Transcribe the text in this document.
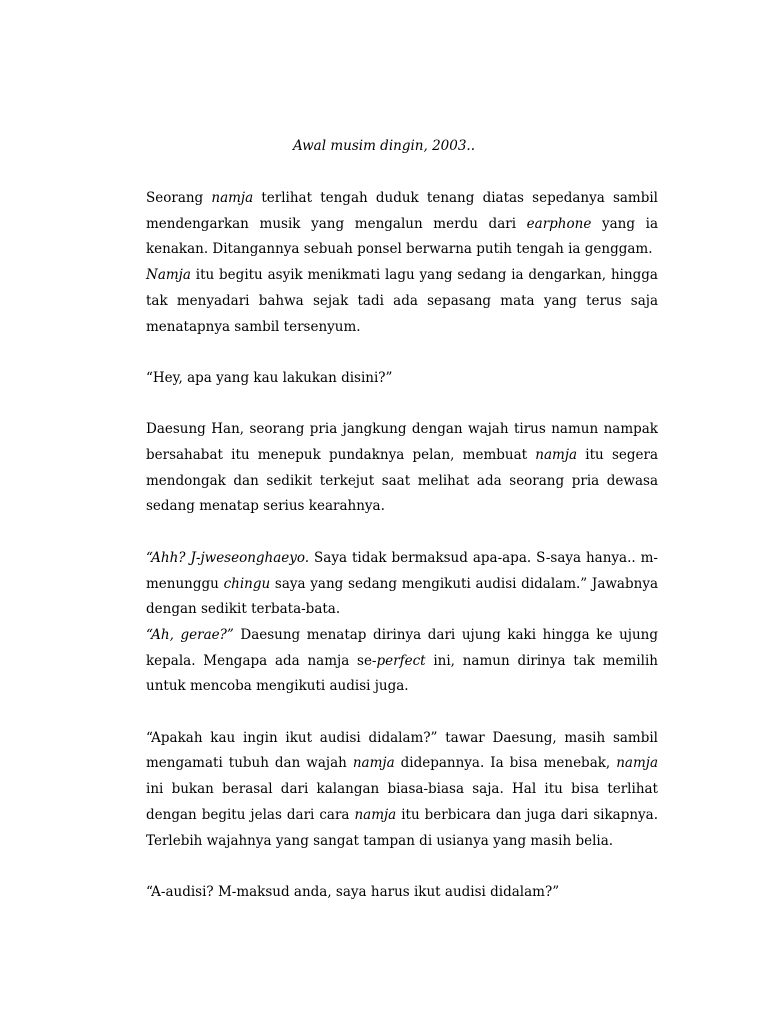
Awal musim dingin, 2003..

Seorang namja terlihat tengah duduk tenang diatas sepedanya sambil mendengarkan musik yang mengalun merdu dari earphone yang ia kenakan. Ditangannya sebuah ponsel berwarna putih tengah ia genggam.

Namja itu begitu asyik menikmati lagu yang sedang ia dengarkan, hingga tak menyadari bahwa sejak tadi ada sepasang mata yang terus saja menatapnya sambil tersenyum.

“Hey, apa yang kau lakukan disini?”

Daesung Han, seorang pria jangkung dengan wajah tirus namun nampak bersahabat itu menepuk pundaknya pelan, membuat namja itu segera mendongak dan sedikit terkejut saat melihat ada seorang pria dewasa sedang menatap serius kearahnya.

“Ahh? J-jweseonghaeyo. Saya tidak bermaksud apa-apa. S-saya hanya.. m-menunggu chingu saya yang sedang mengikuti audisi didalam.” Jawabnya dengan sedikit terbata-bata.

“Ah, gerae?” Daesung menatap dirinya dari ujung kaki hingga ke ujung kepala. Mengapa ada namja se-perfect ini, namun dirinya tak memilih untuk mencoba mengikuti audisi juga.

“Apakah kau ingin ikut audisi didalam?” tawar Daesung, masih sambil mengamati tubuh dan wajah namja didepannya. Ia bisa menebak, namja ini bukan berasal dari kalangan biasa-biasa saja. Hal itu bisa terlihat dengan begitu jelas dari cara namja itu berbicara dan juga dari sikapnya. Terlebih wajahnya yang sangat tampan di usianya yang masih belia.

“A-audisi? M-maksud anda, saya harus ikut audisi didalam?”
